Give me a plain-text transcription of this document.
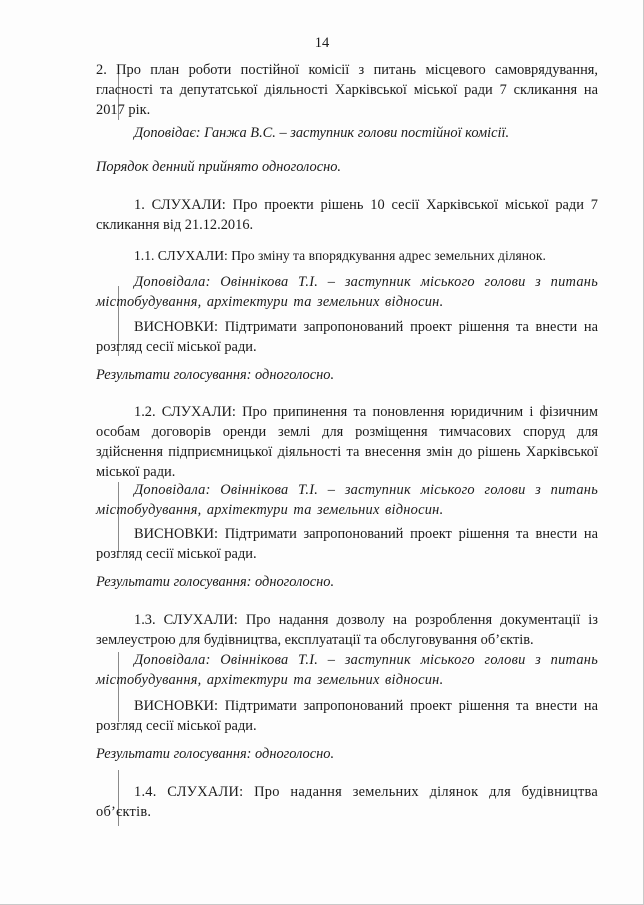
14

2. Про план роботи постійної комісії з питань місцевого самоврядування, гласності та депутатської діяльності Харківської міської ради 7 скликання на 2017 рік.

Доповідає: Ганжа В.С. – заступник голови постійної комісії.

Порядок денний прийнято одноголосно.

1. СЛУХАЛИ: Про проекти рішень 10 сесії Харківської міської ради 7 скликання від 21.12.2016.

1.1. СЛУХАЛИ: Про зміну та впорядкування адрес земельних ділянок.

Доповідала: Овіннікова Т.І. – заступник міського голови з питань містобудування, архітектури та земельних відносин.

ВИСНОВКИ: Підтримати запропонований проект рішення та внести на розгляд сесії міської ради.

Результати голосування: одноголосно.

1.2. СЛУХАЛИ: Про припинення та поновлення юридичним і фізичним особам договорів оренди землі для розміщення тимчасових споруд для здійснення підприємницької діяльності та внесення змін до рішень Харківської міської ради.

Доповідала: Овіннікова Т.І. – заступник міського голови з питань містобудування, архітектури та земельних відносин.

ВИСНОВКИ: Підтримати запропонований проект рішення та внести на розгляд сесії міської ради.

Результати голосування: одноголосно.

1.3. СЛУХАЛИ: Про надання дозволу на розроблення документації із землеустрою для будівництва, експлуатації та обслуговування об’єктів.

Доповідала: Овіннікова Т.І. – заступник міського голови з питань містобудування, архітектури та земельних відносин.

ВИСНОВКИ: Підтримати запропонований проект рішення та внести на розгляд сесії міської ради.

Результати голосування: одноголосно.

1.4. СЛУХАЛИ: Про надання земельних ділянок для будівництва об’єктів.
